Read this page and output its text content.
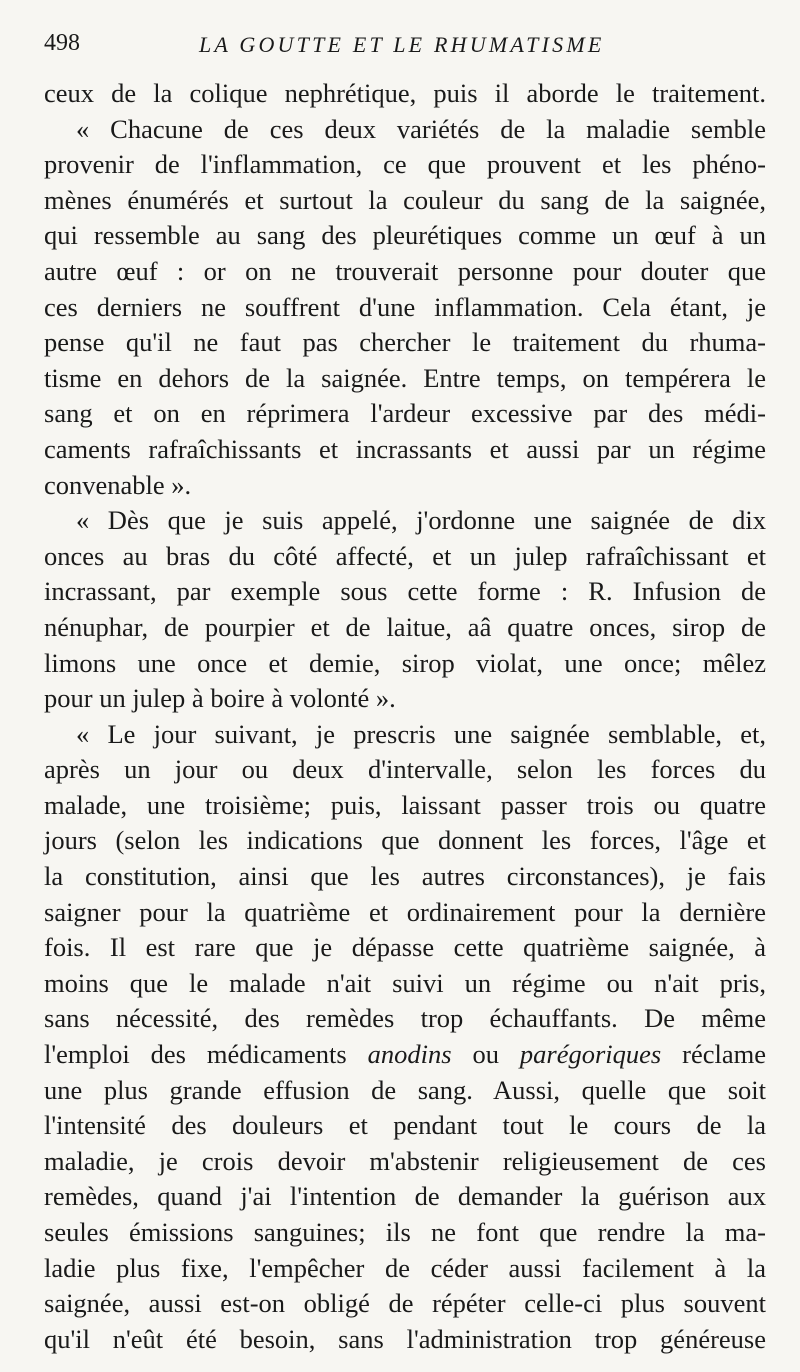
498	LA GOUTTE ET LE RHUMATISME
ceux de la colique nephrétique, puis il aborde le traitement.
« Chacune de ces deux variétés de la maladie semble
provenir de l'inflammation, ce que prouvent et les phéno-
mènes énumérés et surtout la couleur du sang de la saignée,
qui ressemble au sang des pleurétiques comme un œuf à un
autre œuf : or on ne trouverait personne pour douter que
ces derniers ne souffrent d'une inflammation. Cela étant, je
pense qu'il ne faut pas chercher le traitement du rhuma-
tisme en dehors de la saignée. Entre temps, on tempérera le
sang et on en réprimera l'ardeur excessive par des médi-
caments rafraîchissants et incrassants et aussi par un régime
convenable ».
« Dès que je suis appelé, j'ordonne une saignée de dix
onces au bras du côté affecté, et un julep rafraîchissant et
incrassant, par exemple sous cette forme : R. Infusion de
nénuphar, de pourpier et de laitue, aâ quatre onces, sirop de
limons une once et demie, sirop violat, une once; mêlez
pour un julep à boire à volonté ».
« Le jour suivant, je prescris une saignée semblable, et,
après un jour ou deux d'intervalle, selon les forces du
malade, une troisième; puis, laissant passer trois ou quatre
jours (selon les indications que donnent les forces, l'âge et
la constitution, ainsi que les autres circonstances), je fais
saigner pour la quatrième et ordinairement pour la dernière
fois. Il est rare que je dépasse cette quatrième saignée, à
moins que le malade n'ait suivi un régime ou n'ait pris,
sans nécessité, des remèdes trop échauffants. De même
l'emploi des médicaments anodins ou parégoriques réclame
une plus grande effusion de sang. Aussi, quelle que soit
l'intensité des douleurs et pendant tout le cours de la
maladie, je crois devoir m'abstenir religieusement de ces
remèdes, quand j'ai l'intention de demander la guérison aux
seules émissions sanguines; ils ne font que rendre la ma-
ladie plus fixe, l'empêcher de céder aussi facilement à la
saignée, aussi est-on obligé de répéter celle-ci plus souvent
qu'il n'eût été besoin, sans l'administration trop généreuse
